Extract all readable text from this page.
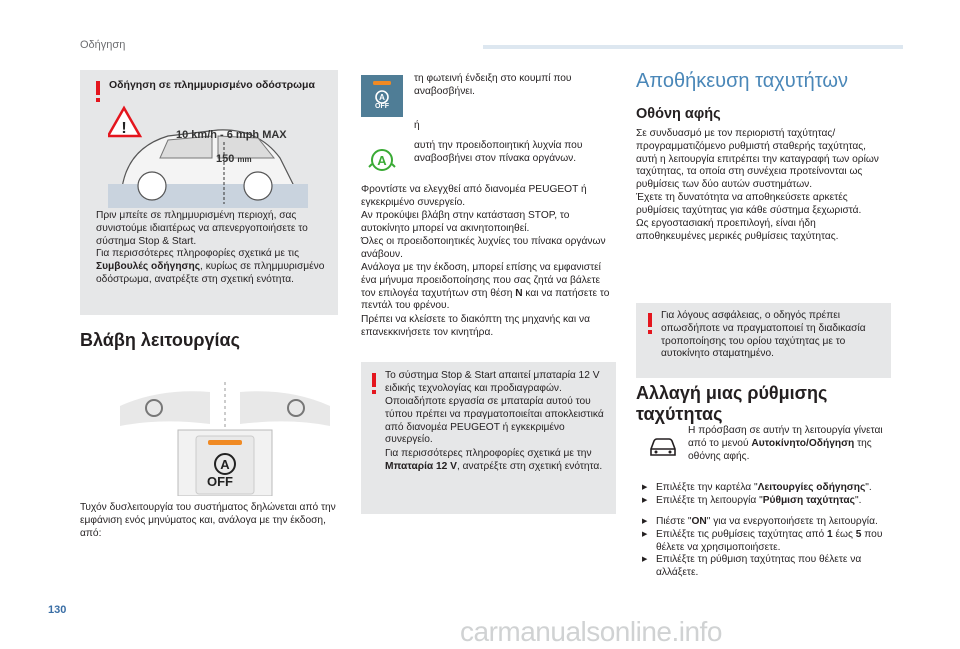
Οδήγηση
Οδήγηση σε πλημμυρισμένο οδόστρωμα
!	10 km/h - 6 mph MAX
150 mm
Πριν μπείτε σε πλημμυρισμένη περιοχή, σας συνιστούμε ιδιαιτέρως να απενεργοποιήσετε το σύστημα Stop & Start.
Για περισσότερες πληροφορίες σχετικά με τις Συμβουλές οδήγησης, κυρίως σε πλημμυρισμένο οδόστρωμα, ανατρέξτε στη σχετική ενότητα.
Βλάβη λειτουργίας
A
OFF
Τυχόν δυσλειτουργία του συστήματος δηλώνεται από την εμφάνιση ενός μηνύματος και, ανάλογα με την έκδοση, από:
A
OFF
τη φωτεινή ένδειξη στο κουμπί που αναβοσβήνει.
ή
A
αυτή την προειδοποιητική λυχνία που αναβοσβήνει στον πίνακα οργάνων.
Φροντίστε να ελεγχθεί από διανομέα PEUGEOT ή εγκεκριμένο συνεργείο.
Αν προκύψει βλάβη στην κατάσταση STOP, το αυτοκίνητο μπορεί να ακινητοποιηθεί.
Όλες οι προειδοποιητικές λυχνίες του πίνακα οργάνων ανάβουν.
Ανάλογα με την έκδοση, μπορεί επίσης να εμφανιστεί ένα μήνυμα προειδοποίησης που σας ζητά να βάλετε τον επιλογέα ταχυτήτων στη θέση N και να πατήσετε το πεντάλ του φρένου.
Πρέπει να κλείσετε το διακόπτη της μηχανής και να επανεκκινήσετε τον κινητήρα.
Το σύστημα Stop & Start απαιτεί μπαταρία 12 V ειδικής τεχνολογίας και προδιαγραφών.
Οποιαδήποτε εργασία σε μπαταρία αυτού του τύπου πρέπει να πραγματοποιείται αποκλειστικά από διανομέα PEUGEOT ή εγκεκριμένο συνεργείο.
Για περισσότερες πληροφορίες σχετικά με την Μπαταρία 12 V, ανατρέξτε στη σχετική ενότητα.
Αποθήκευση ταχυτήτων
Οθόνη αφής
Σε συνδυασμό με τον περιοριστή ταχύτητας/ προγραμματιζόμενο ρυθμιστή σταθερής ταχύτητας, αυτή η λειτουργία επιτρέπει την καταγραφή των ορίων ταχύτητας, τα οποία στη συνέχεια προτείνονται ως ρυθμίσεις των δύο αυτών συστημάτων.
Έχετε τη δυνατότητα να αποθηκεύσετε αρκετές ρυθμίσεις ταχύτητας για κάθε σύστημα ξεχωριστά.
Ως εργοστασιακή προεπιλογή, είναι ήδη αποθηκευμένες μερικές ρυθμίσεις ταχύτητας.
Για λόγους ασφάλειας, ο οδηγός πρέπει οπωσδήποτε να πραγματοποιεί τη διαδικασία τροποποίησης του ορίου ταχύτητας με το αυτοκίνητο σταματημένο.
Αλλαγή μιας ρύθμισης ταχύτητας
Η πρόσβαση σε αυτήν τη λειτουργία γίνεται από το μενού Αυτοκίνητο/Οδήγηση της οθόνης αφής.
▶ Επιλέξτε την καρτέλα "Λειτουργίες οδήγησης".
▶ Επιλέξτε τη λειτουργία "Ρύθμιση ταχύτητας".
▶ Πιέστε "ON" για να ενεργοποιήσετε τη λειτουργία.
▶ Επιλέξτε τις ρυθμίσεις ταχύτητας από 1 έως 5 που θέλετε να χρησιμοποιήσετε.
▶ Επιλέξτε τη ρύθμιση ταχύτητας που θέλετε να αλλάξετε.
130
carmanualsonline.info
